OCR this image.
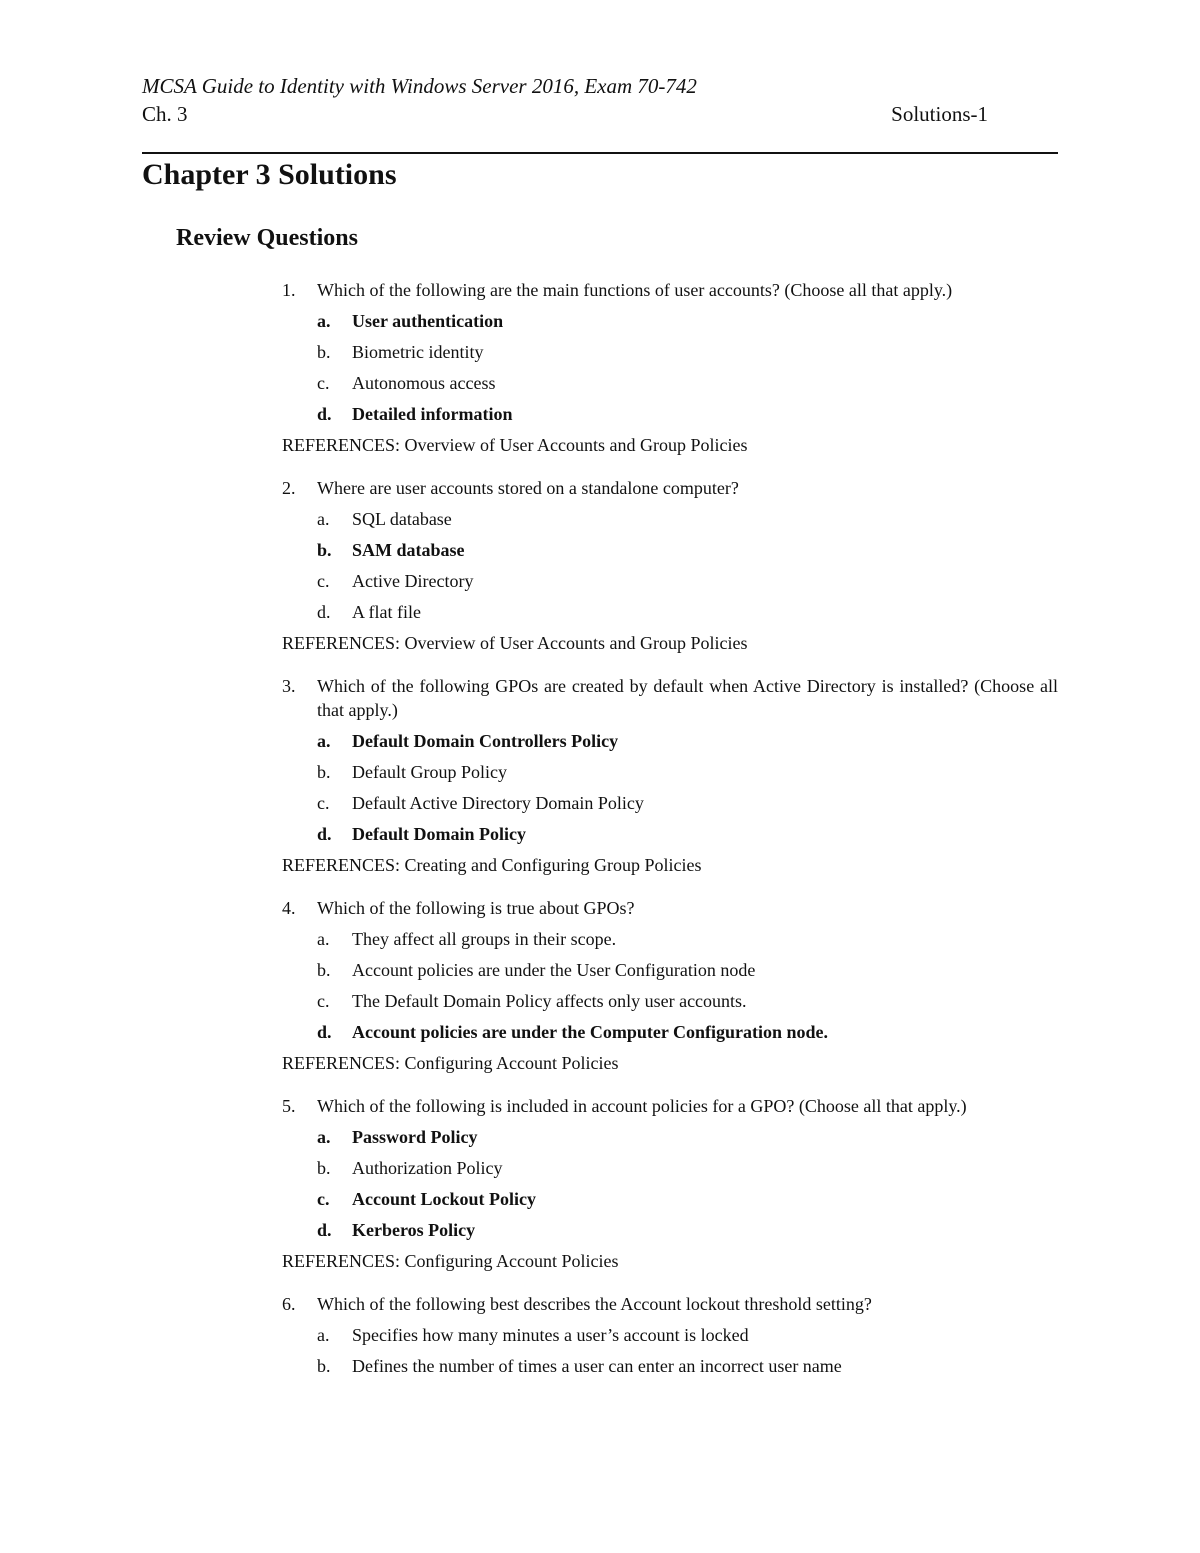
MCSA Guide to Identity with Windows Server 2016, Exam 70-742
Ch. 3	Solutions-1
Chapter 3 Solutions
Review Questions
1. Which of the following are the main functions of user accounts? (Choose all that apply.)
a. User authentication
b. Biometric identity
c. Autonomous access
d. Detailed information
REFERENCES: Overview of User Accounts and Group Policies
2. Where are user accounts stored on a standalone computer?
a. SQL database
b. SAM database
c. Active Directory
d. A flat file
REFERENCES: Overview of User Accounts and Group Policies
3. Which of the following GPOs are created by default when Active Directory is installed? (Choose all that apply.)
a. Default Domain Controllers Policy
b. Default Group Policy
c. Default Active Directory Domain Policy
d. Default Domain Policy
REFERENCES: Creating and Configuring Group Policies
4. Which of the following is true about GPOs?
a. They affect all groups in their scope.
b. Account policies are under the User Configuration node
c. The Default Domain Policy affects only user accounts.
d. Account policies are under the Computer Configuration node.
REFERENCES: Configuring Account Policies
5. Which of the following is included in account policies for a GPO? (Choose all that apply.)
a. Password Policy
b. Authorization Policy
c. Account Lockout Policy
d. Kerberos Policy
REFERENCES: Configuring Account Policies
6. Which of the following best describes the Account lockout threshold setting?
a. Specifies how many minutes a user’s account is locked
b. Defines the number of times a user can enter an incorrect user name
